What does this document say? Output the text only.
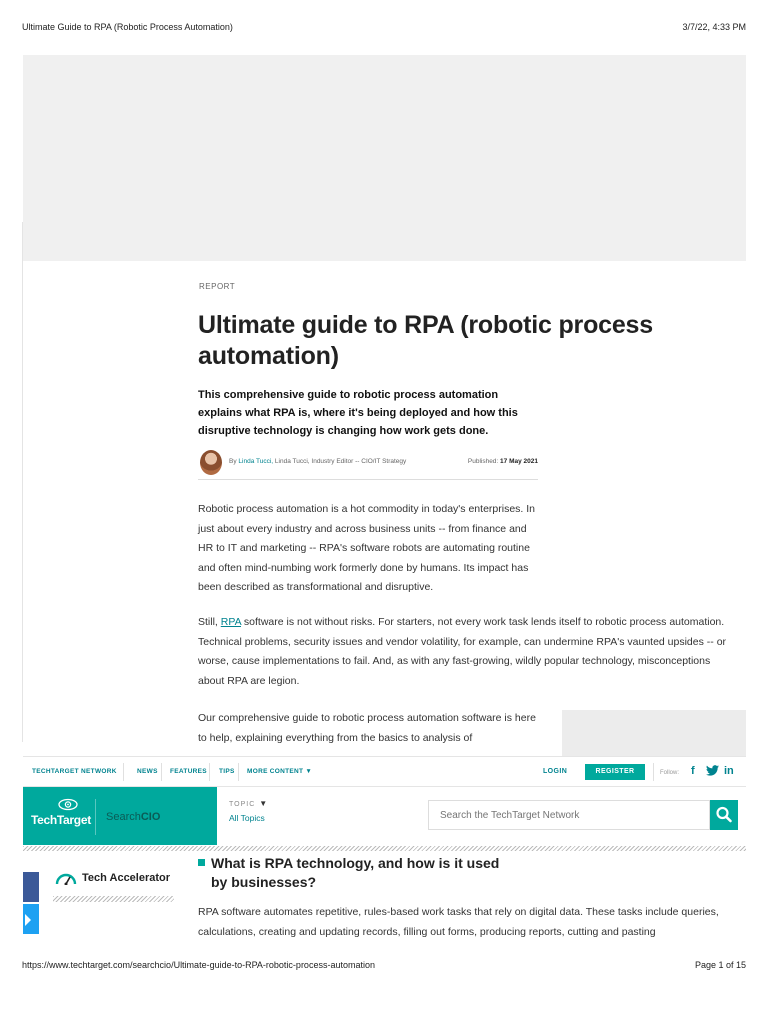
Ultimate Guide to RPA (Robotic Process Automation)	3/7/22, 4:33 PM
REPORT
Ultimate guide to RPA (robotic process automation)
This comprehensive guide to robotic process automation explains what RPA is, where it's being deployed and how this disruptive technology is changing how work gets done.
By Linda Tucci, Linda Tucci, Industry Editor -- CIO/IT Strategy	Published: 17 May 2021

Robotic process automation is a hot commodity in today's enterprises. In just about every industry and across business units -- from finance and HR to IT and marketing -- RPA's software robots are automating routine and often mind-numbing work formerly done by humans. Its impact has been described as transformational and disruptive.

Still, RPA software is not without risks. For starters, not every work task lends itself to robotic process automation. Technical problems, security issues and vendor volatility, for example, can undermine RPA's vaunted upsides -- or worse, cause implementations to fail. And, as with any fast-growing, wildly popular technology, misconceptions about RPA are legion.

Our comprehensive guide to robotic process automation software is here to help, explaining everything from the basics to analysis of

TECHTARGET NETWORK	NEWS FEATURES TIPS MORE CONTENT ▼	LOGIN	REGISTER	Follow: f	in
TechTarget SearchCIO
TOPIC ▼
All Topics
Search the TechTarget Network
Tech Accelerator
What is RPA technology, and how is it used
by businesses?

RPA software automates repetitive, rules-based work tasks that rely on digital data. These tasks include queries, calculations, creating and updating records, filling out forms, producing reports, cutting and pasting

https://www.techtarget.com/searchcio/Ultimate-guide-to-RPA-robotic-process-automation	Page 1 of 15
